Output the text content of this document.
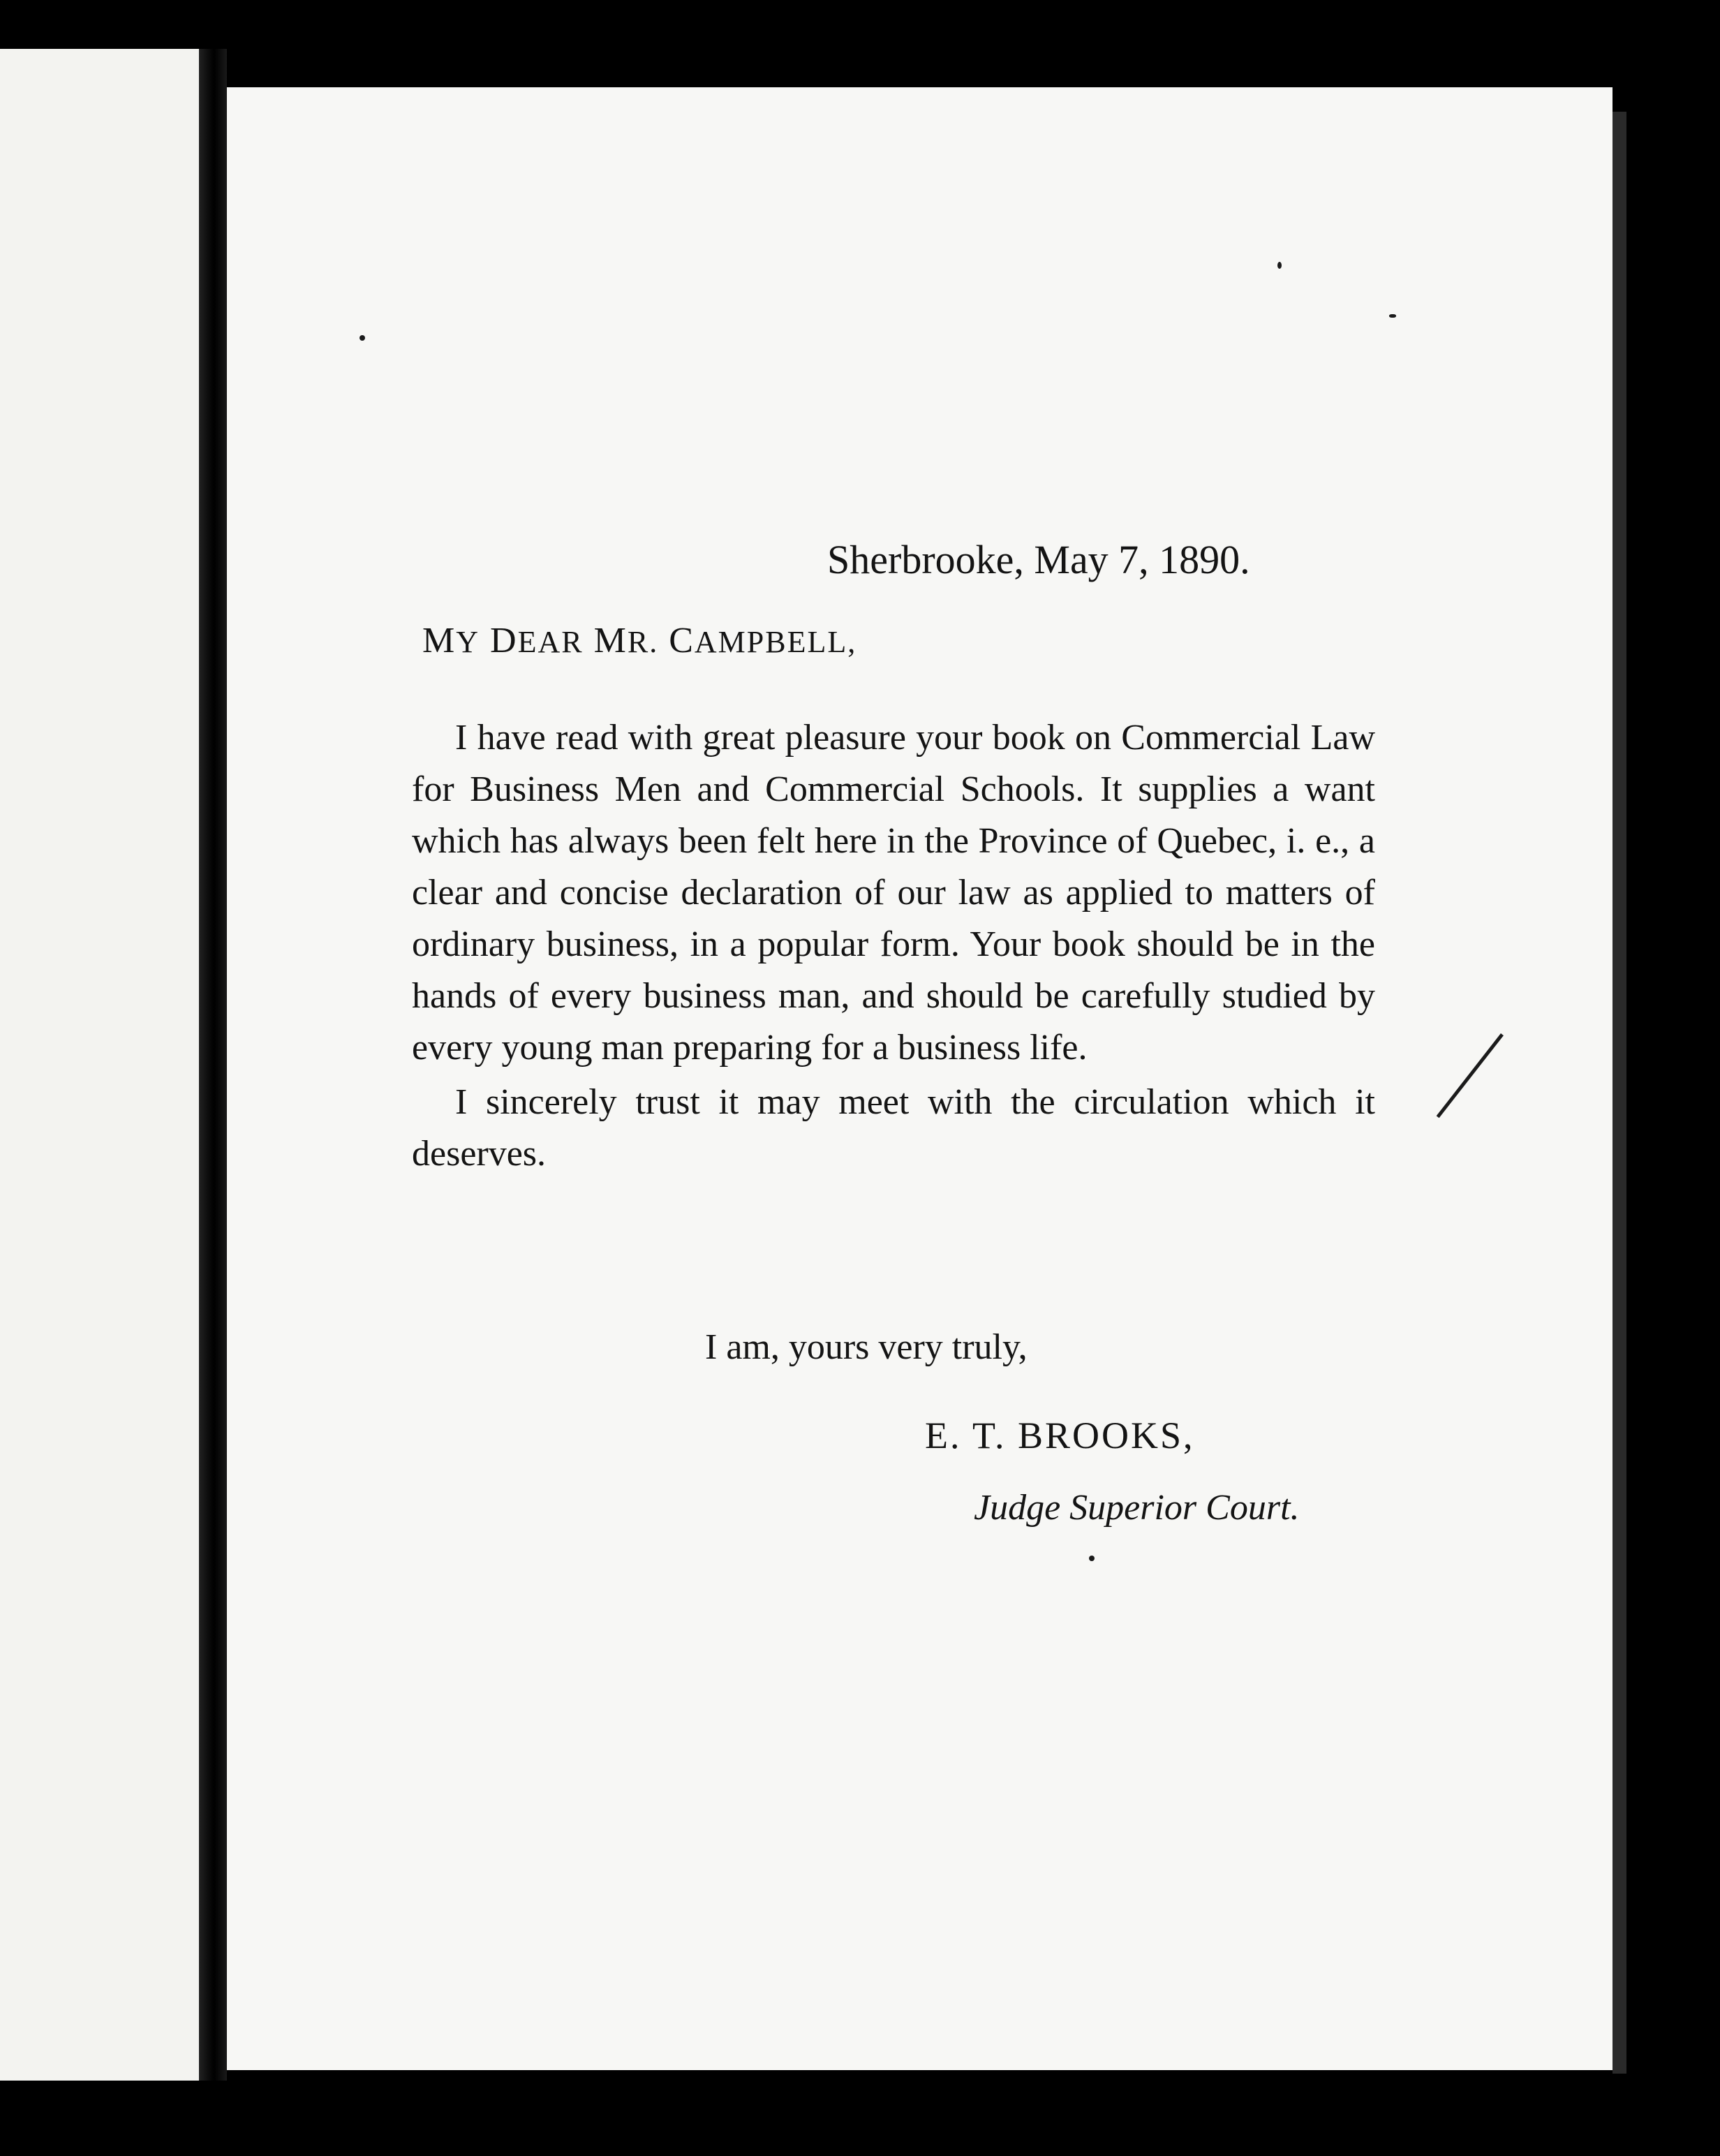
Sherbrooke, May 7, 1890.
MY DEAR MR. CAMPBELL,

I have read with great pleasure your book on Commercial Law for Business Men and Commercial Schools. It supplies a want which has always been felt here in the Province of Quebec, i. e., a clear and concise declaration of our law as applied to matters of ordinary business, in a popular form. Your book should be in the hands of every business man, and should be carefully studied by every young man preparing for a business life.

I sincerely trust it may meet with the circulation which it deserves.

I am, yours very truly,
E. T. BROOKS,
Judge Superior Court.
